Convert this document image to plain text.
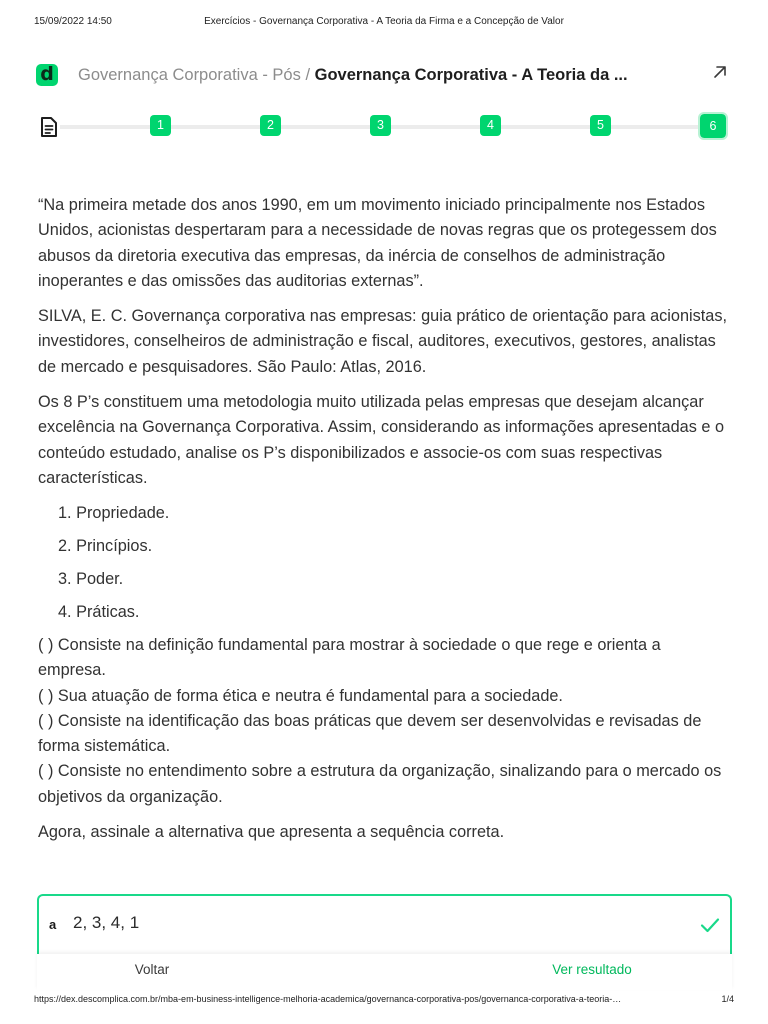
15/09/2022 14:50	Exercícios - Governança Corporativa - A Teoria da Firma e a Concepção de Valor
d Governança Corporativa - Pós / Governança Corporativa - A Teoria da ...
1	2	3	4	5	6

“Na primeira metade dos anos 1990, em um movimento iniciado principalmente nos Estados Unidos, acionistas despertaram para a necessidade de novas regras que os protegessem dos abusos da diretoria executiva das empresas, da inércia de conselhos de administração inoperantes e das omissões das auditorias externas”.

SILVA, E. C. Governança corporativa nas empresas: guia prático de orientação para acionistas, investidores, conselheiros de administração e fiscal, auditores, executivos, gestores, analistas de mercado e pesquisadores. São Paulo: Atlas, 2016.

Os 8 P’s constituem uma metodologia muito utilizada pelas empresas que desejam alcançar excelência na Governança Corporativa. Assim, considerando as informações apresentadas e o conteúdo estudado, analise os P’s disponibilizados e associe-os com suas respectivas características.

1. Propriedade.
2. Princípios.
3. Poder.
4. Práticas.
( ) Consiste na definição fundamental para mostrar à sociedade o que rege e orienta a empresa.
( ) Sua atuação de forma ética e neutra é fundamental para a sociedade.
( ) Consiste na identificação das boas práticas que devem ser desenvolvidas e revisadas de forma sistemática.
( ) Consiste no entendimento sobre a estrutura da organização, sinalizando para o mercado os objetivos da organização.

Agora, assinale a alternativa que apresenta a sequência correta.

a 2, 3, 4, 1
Voltar	Ver resultado
https://dex.descomplica.com.br/mba-em-business-intelligence-melhoria-academica/governanca-corporativa-pos/governanca-corporativa-a-teoria-…	1/4
